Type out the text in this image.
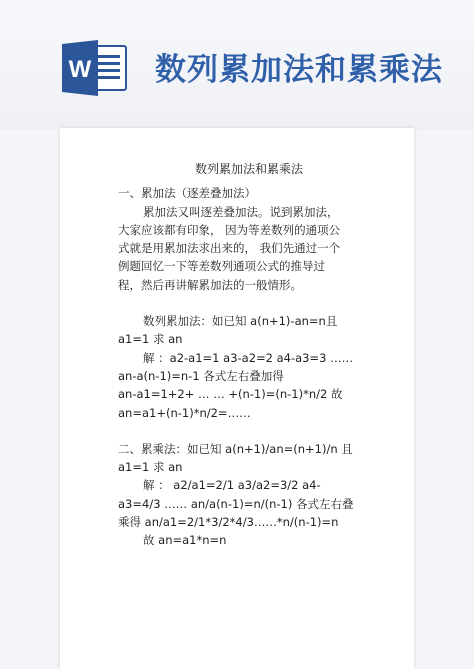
W 数列累加法和累乘法
数列累加法和累乘法
一、累加法（逐差叠加法）
累加法又叫逐差叠加法。说到累加法，
大家应该都有印象， 因为等差数列的通项公
式就是用累加法求出来的， 我们先通过一个
例题回忆一下等差数列通项公式的推导过
程，然后再讲解累加法的一般情形。
数列累加法：如已知 a(n+1)-an=n且
a1=1 求 an
解 ：a2-a1=1 a3-a2=2 a4-a3=3 ……
an-a(n-1)=n-1 各式左右叠加得
an-a1=1+2+ … … +(n-1)=(n-1)*n/2 故
an=a1+(n-1)*n/2=……
二、累乘法：如已知 a(n+1)/an=(n+1)/n 且
a1=1 求 an
解 ： a2/a1=2/1 a3/a2=3/2 a4-
a3=4/3 …… an/a(n-1)=n/(n-1) 各式左右叠
乘得 an/a1=2/1*3/2*4/3……*n/(n-1)=n
故 an=a1*n=n
